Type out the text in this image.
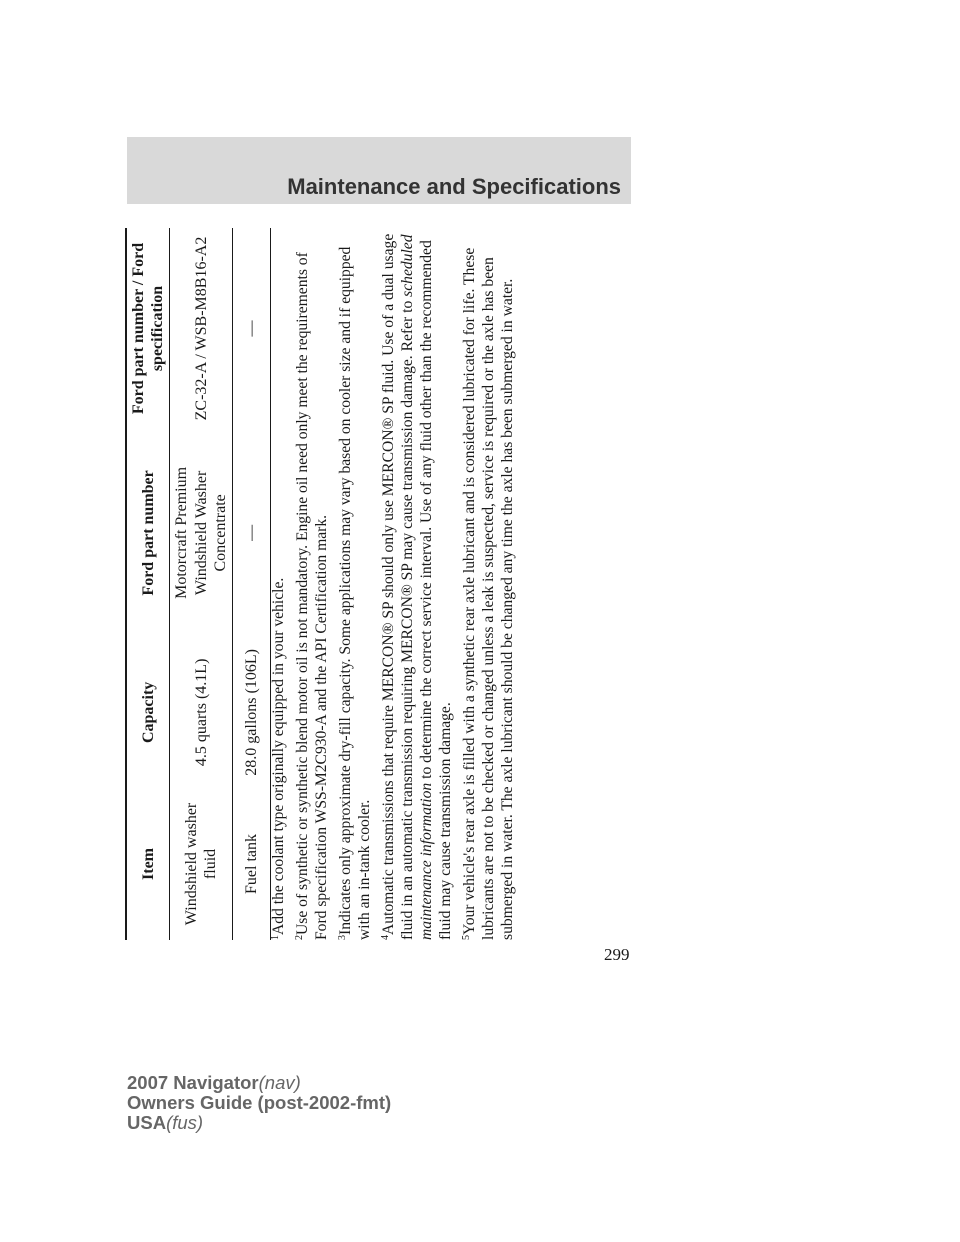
Maintenance and Specifications
Item	Capacity	Ford part number	Ford part number / Ford specification
Windshield washer fluid	4.5 quarts (4.1L)	Motorcraft Premium Windshield Washer Concentrate	ZC-32-A / WSB-M8B16-A2
Fuel tank	28.0 gallons (106L)	—	—

$^1$Add the coolant type originally equipped in your vehicle.

$^2$Use of synthetic or synthetic blend motor oil is not mandatory. Engine oil need only meet the requirements of Ford specification WSS-M2C930-A and the API Certification mark. $^3$Indicates only approximate dry-fill capacity. Some applications may vary based on cooler size and if equipped with an in-tank cooler. $^4$Automatic transmissions that require MERCON® SP should only use MERCON® SP fluid. Use of a dual usage fluid in an automatic transmission requiring MERCON® SP may cause transmission damage. Refer to scheduled maintenance information to determine the correct service interval. Use of any fluid other than the recommended fluid may cause transmission damage. $^5$Your vehicle's rear axle is filled with a synthetic rear axle lubricant and is considered lubricated for life. These lubricants are not to be checked or changed unless a leak is suspected, service is required or the axle has been submerged in water. The axle lubricant should be changed any time the axle has been submerged in water.

299
2007 Navigator(nav)
Owners Guide (post-2002-fmt)
USA(fus)
